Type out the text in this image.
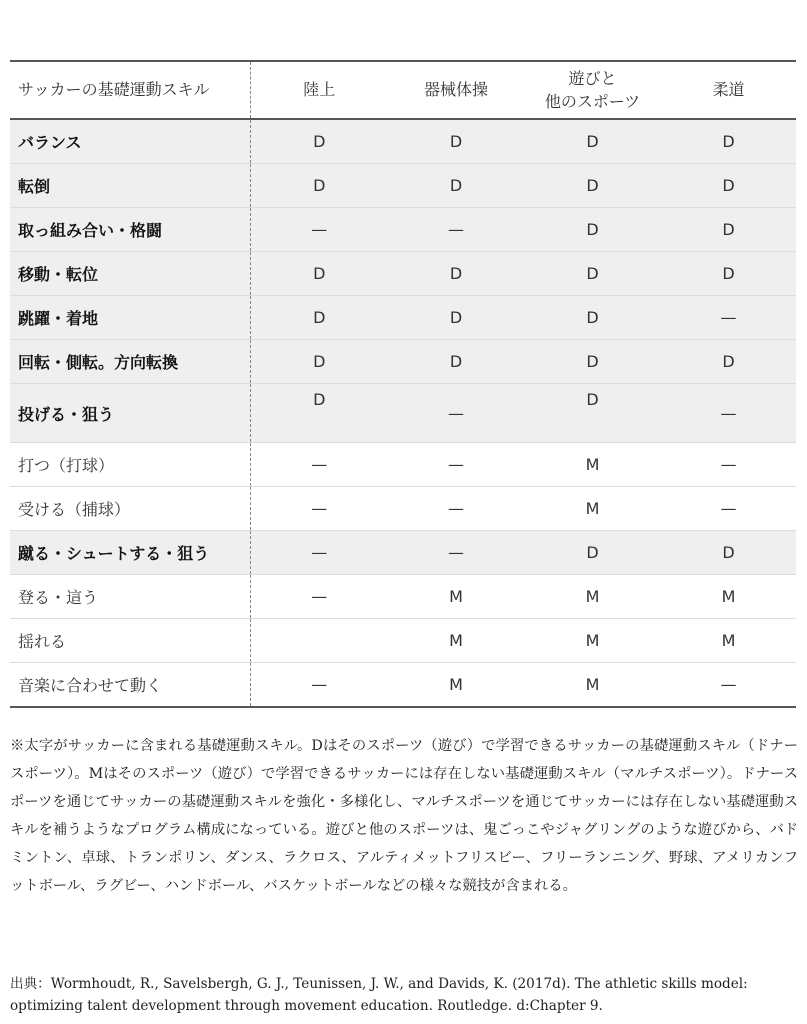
サッカーの基礎運動スキル	陸上	器械体操	遊びと
他のスポーツ	柔道
バランス	D	D	D	D
転倒	D	D	D	D
取っ組み合い・格闘	—	—	D	D
移動・転位	D	D	D	D
跳躍・着地	D	D	D	—
回転・側転。方向転換	D	D	D	D
投げる・狙う	D	—	D	—
打つ（打球）	—	—	M	—
受ける（捕球）	—	—	M	—
蹴る・シュートする・狙う	—	—	D	D
登る・這う	—	M	M	M
揺れる		M	M	M
音楽に合わせて動く	—	M	M	—

※太字がサッカーに含まれる基礎運動スキル。Dはそのスポーツ（遊び）で学習できるサッカーの基礎運動スキル（ドナースポーツ）。Mはそのスポーツ（遊び）で学習できるサッカーには存在しない基礎運動スキル（マルチスポーツ）。ドナースポーツを通じてサッカーの基礎運動スキルを強化・多様化し、マルチスポーツを通じてサッカーには存在しない基礎運動スキルを補うようなプログラム構成になっている。遊びと他のスポーツは、鬼ごっこやジャグリングのような遊びから、バドミントン、卓球、トランポリン、ダンス、ラクロス、アルティメットフリスビー、フリーランニング、野球、アメリカンフットボール、ラグビー、ハンドボール、バスケットボールなどの様々な競技が含まれる。

出典：Wormhoudt, R., Savelsbergh, G. J., Teunissen, J. W., and Davids, K. (2017d). The athletic skills model: optimizing talent development through movement education. Routledge. d:Chapter 9.
